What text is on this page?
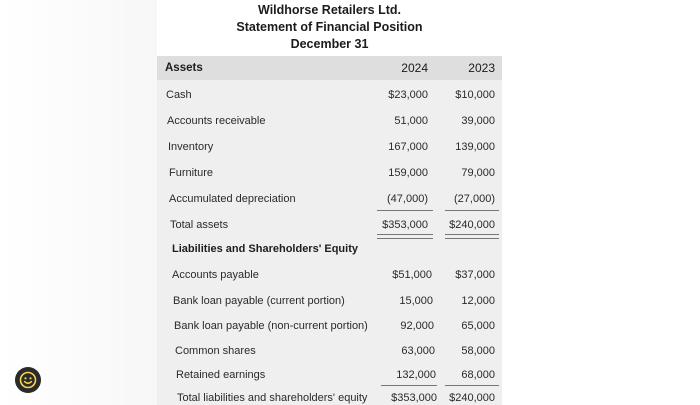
Wildhorse Retailers Ltd.
Statement of Financial Position
December 31
Assets	2024	2023
Cash	$23,000	$10,000
Accounts receivable	51,000	39,000
Inventory	167,000	139,000
Furniture	159,000	79,000
Accumulated depreciation	(47,000)	(27,000)
Total assets	$353,000	$240,000
Liabilities and Shareholders' Equity
Accounts payable	$51,000	$37,000
Bank loan payable (current portion)	15,000	12,000
Bank loan payable (non-current portion)	92,000	65,000
Common shares	63,000	58,000
Retained earnings	132,000	68,000
Total liabilities and shareholders' equity	$353,000	$240,000
